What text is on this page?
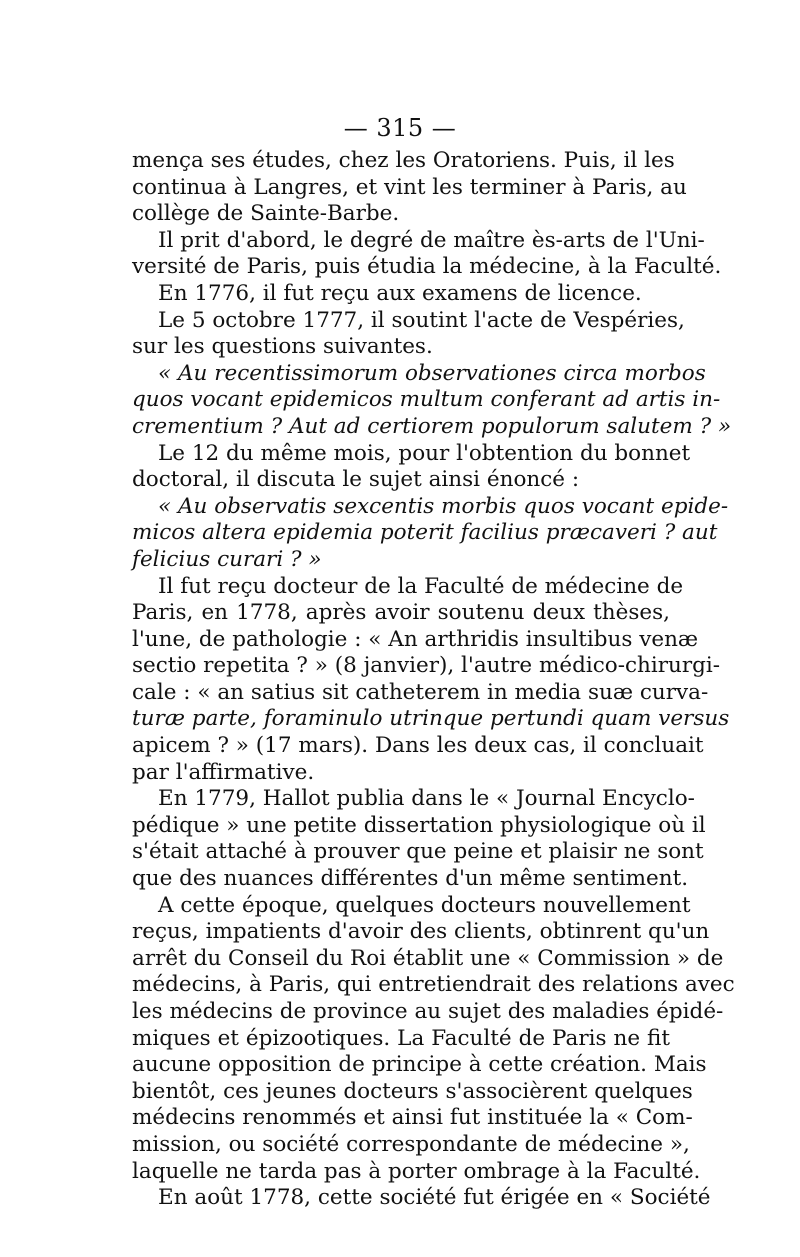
— 315 —
mença ses études, chez les Oratoriens. Puis, il les
continua à Langres, et vint les terminer à Paris, au
collège de Sainte-Barbe.
Il prit d'abord, le degré de maître ès-arts de l'Uni-
versité de Paris, puis étudia la médecine, à la Faculté.
En 1776, il fut reçu aux examens de licence.
Le 5 octobre 1777, il soutint l'acte de Vespéries,
sur les questions suivantes.
« Au recentissimorum observationes circa morbos
quos vocant epidemicos multum conferant ad artis in-
crementium ? Aut ad certiorem populorum salutem ? »
Le 12 du même mois, pour l'obtention du bonnet
doctoral, il discuta le sujet ainsi énoncé :
« Au observatis sexcentis morbis quos vocant epide-
micos altera epidemia poterit facilius præcaveri ? aut
felicius curari ? »
Il fut reçu docteur de la Faculté de médecine de
Paris, en 1778, après avoir soutenu deux thèses,
l'une, de pathologie : « An arthridis insultibus venæ
sectio repetita ? » (8 janvier), l'autre médico-chirurgi-
cale : « an satius sit catheterem in media suæ curva-
turæ parte, foraminulo utrinque pertundi quam versus
apicem ? » (17 mars). Dans les deux cas, il concluait
par l'affirmative.
En 1779, Hallot publia dans le « Journal Encyclo-
pédique » une petite dissertation physiologique où il
s'était attaché à prouver que peine et plaisir ne sont
que des nuances différentes d'un même sentiment.
A cette époque, quelques docteurs nouvellement
reçus, impatients d'avoir des clients, obtinrent qu'un
arrêt du Conseil du Roi établit une « Commission » de
médecins, à Paris, qui entretiendrait des relations avec
les médecins de province au sujet des maladies épidé-
miques et épizootiques. La Faculté de Paris ne fit
aucune opposition de principe à cette création. Mais
bientôt, ces jeunes docteurs s'associèrent quelques
médecins renommés et ainsi fut instituée la « Com-
mission, ou société correspondante de médecine »,
laquelle ne tarda pas à porter ombrage à la Faculté.
En août 1778, cette société fut érigée en « Société
